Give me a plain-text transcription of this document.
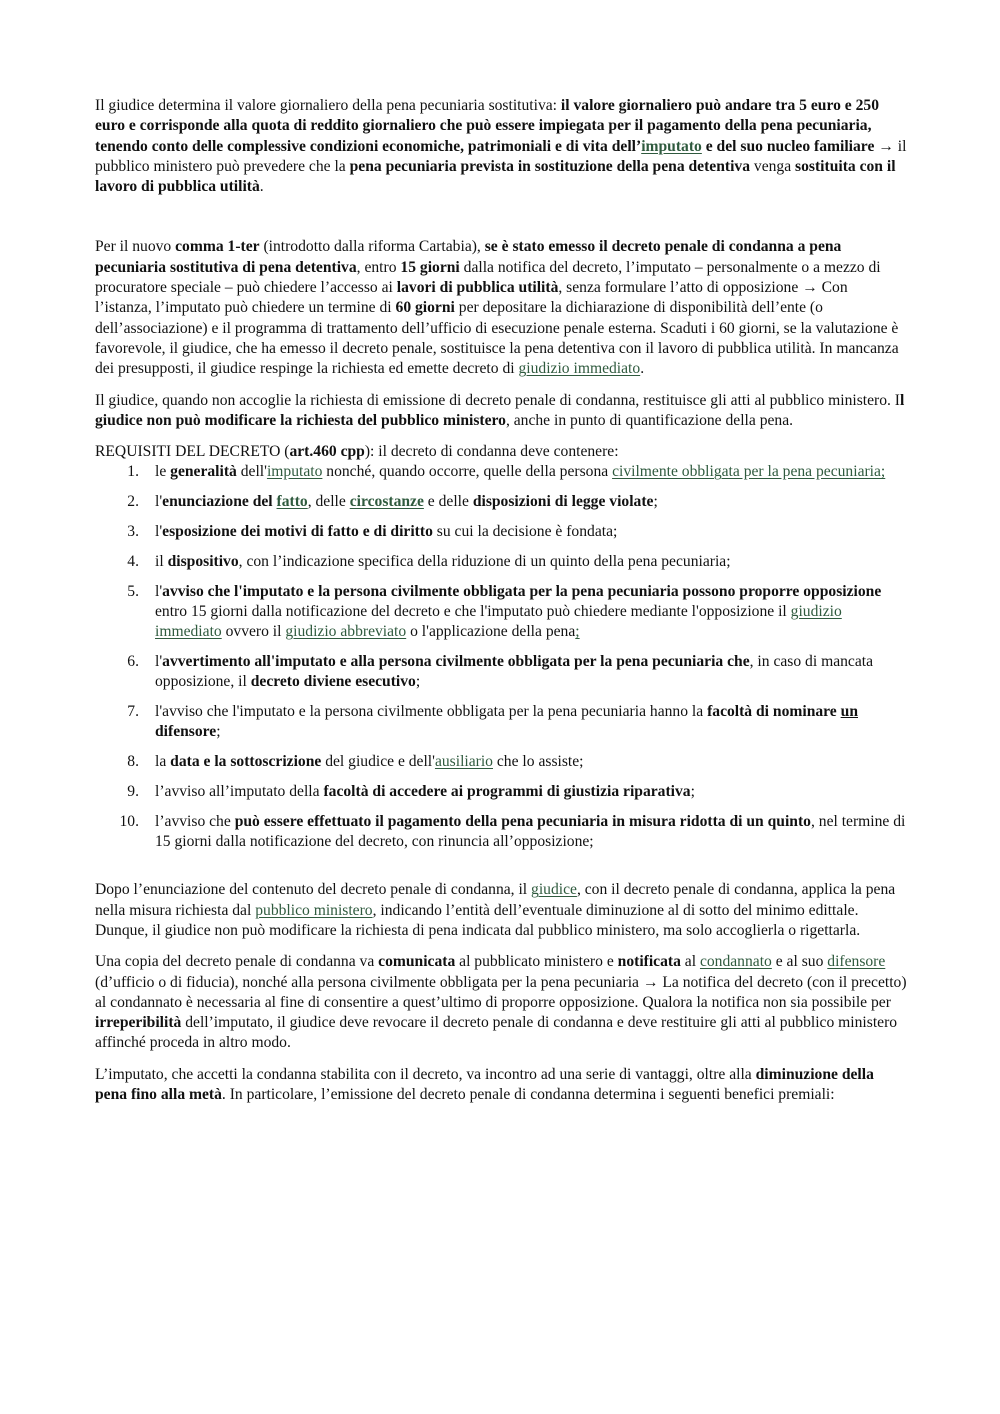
Il giudice determina il valore giornaliero della pena pecuniaria sostitutiva: il valore giornaliero può andare tra 5 euro e 250 euro e corrisponde alla quota di reddito giornaliero che può essere impiegata per il pagamento della pena pecuniaria, tenendo conto delle complessive condizioni economiche, patrimoniali e di vita dell’imputato e del suo nucleo familiare → il pubblico ministero può prevedere che la pena pecuniaria prevista in sostituzione della pena detentiva venga sostituita con il lavoro di pubblica utilità.

Per il nuovo comma 1-ter (introdotto dalla riforma Cartabia), se è stato emesso il decreto penale di condanna a pena pecuniaria sostitutiva di pena detentiva, entro 15 giorni dalla notifica del decreto, l’imputato – personalmente o a mezzo di procuratore speciale – può chiedere l’accesso ai lavori di pubblica utilità, senza formulare l’atto di opposizione → Con l’istanza, l’imputato può chiedere un termine di 60 giorni per depositare la dichiarazione di disponibilità dell’ente (o dell’associazione) e il programma di trattamento dell’ufficio di esecuzione penale esterna. Scaduti i 60 giorni, se la valutazione è favorevole, il giudice, che ha emesso il decreto penale, sostituisce la pena detentiva con il lavoro di pubblica utilità. In mancanza dei presupposti, il giudice respinge la richiesta ed emette decreto di giudizio immediato.

Il giudice, quando non accoglie la richiesta di emissione di decreto penale di condanna, restituisce gli atti al pubblico ministero. Il giudice non può modificare la richiesta del pubblico ministero, anche in punto di quantificazione della pena.

REQUISITI DEL DECRETO (art.460 cpp): il decreto di condanna deve contenere:

1. le generalità dell'imputato nonché, quando occorre, quelle della persona civilmente obbligata per la pena pecuniaria;
2. l'enunciazione del fatto, delle circostanze e delle disposizioni di legge violate;
3. l'esposizione dei motivi di fatto e di diritto su cui la decisione è fondata;
4. il dispositivo, con l’indicazione specifica della riduzione di un quinto della pena pecuniaria;
5. l'avviso che l'imputato e la persona civilmente obbligata per la pena pecuniaria possono proporre opposizione entro 15 giorni dalla notificazione del decreto e che l'imputato può chiedere mediante l'opposizione il giudizio immediato ovvero il giudizio abbreviato o l'applicazione della pena;
6. l'avvertimento all'imputato e alla persona civilmente obbligata per la pena pecuniaria che, in caso di mancata opposizione, il decreto diviene esecutivo;
7. l'avviso che l'imputato e la persona civilmente obbligata per la pena pecuniaria hanno la facoltà di nominare un difensore;
8. la data e la sottoscrizione del giudice e dell'ausiliario che lo assiste;
9. l’avviso all’imputato della facoltà di accedere ai programmi di giustizia riparativa;
10. l’avviso che può essere effettuato il pagamento della pena pecuniaria in misura ridotta di un quinto, nel termine di 15 giorni dalla notificazione del decreto, con rinuncia all’opposizione;

Dopo l’enunciazione del contenuto del decreto penale di condanna, il giudice, con il decreto penale di condanna, applica la pena nella misura richiesta dal pubblico ministero, indicando l’entità dell’eventuale diminuzione al di sotto del minimo edittale. Dunque, il giudice non può modificare la richiesta di pena indicata dal pubblico ministero, ma solo accoglierla o rigettarla.

Una copia del decreto penale di condanna va comunicata al pubblicato ministero e notificata al condannato e al suo difensore (d’ufficio o di fiducia), nonché alla persona civilmente obbligata per la pena pecuniaria → La notifica del decreto (con il precetto) al condannato è necessaria al fine di consentire a quest’ultimo di proporre opposizione. Qualora la notifica non sia possibile per irreperibilità dell’imputato, il giudice deve revocare il decreto penale di condanna e deve restituire gli atti al pubblico ministero affinché proceda in altro modo.

L’imputato, che accetti la condanna stabilita con il decreto, va incontro ad una serie di vantaggi, oltre alla diminuzione della pena fino alla metà. In particolare, l’emissione del decreto penale di condanna determina i seguenti benefici premiali:
